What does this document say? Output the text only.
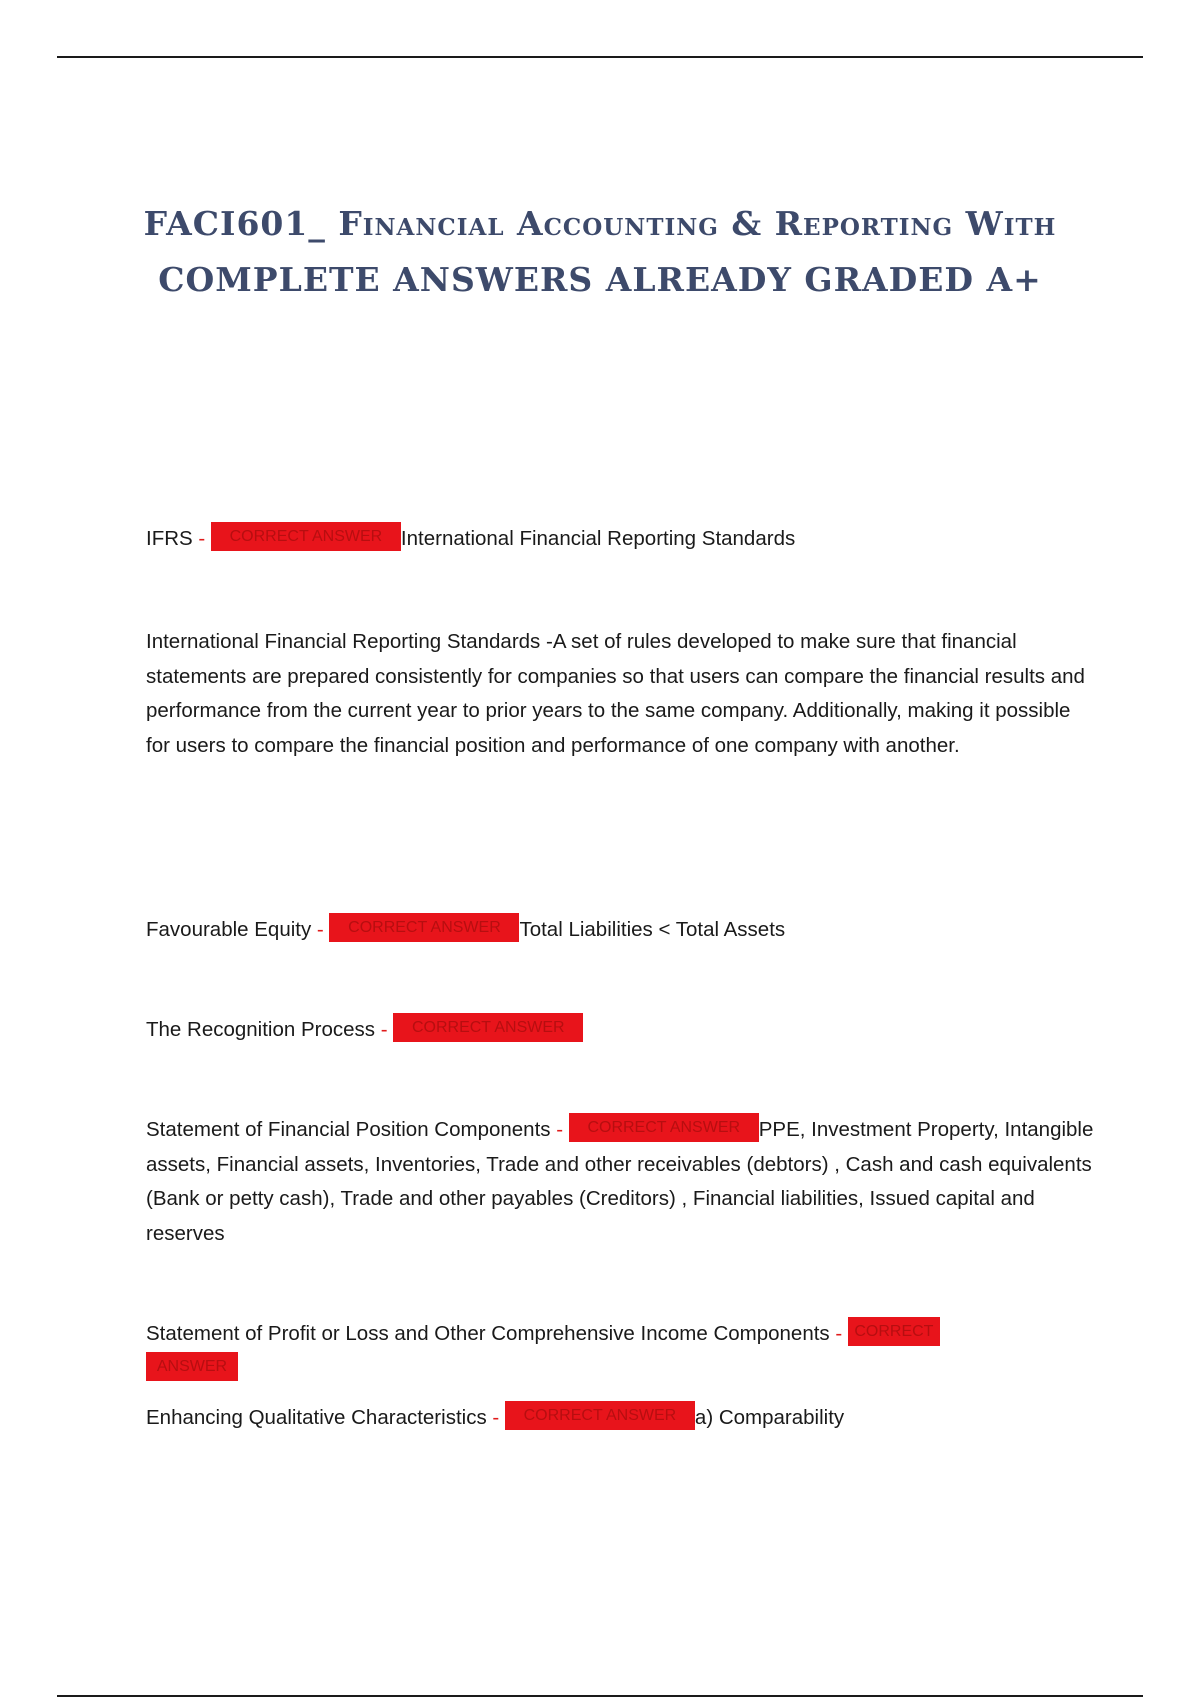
FACI601_ Financial Accounting & Reporting With
COMPLETE ANSWERS ALREADY GRADED A+
IFRS - CORRECT ANSWER International Financial Reporting Standards
International Financial Reporting Standards -A set of rules developed to make sure that financial statements are prepared consistently for companies so that users can compare the financial results and performance from the current year to prior years to the same company. Additionally, making it possible for users to compare the financial position and performance of one company with another.
Favourable Equity - CORRECT ANSWER Total Liabilities < Total Assets
The Recognition Process - CORRECT ANSWER
Statement of Financial Position Components - CORRECT ANSWER PPE, Investment Property, Intangible assets, Financial assets, Inventories, Trade and other receivables (debtors) , Cash and cash equivalents (Bank or petty cash), Trade and other payables (Creditors) , Financial liabilities, Issued capital and reserves
Statement of Profit or Loss and Other Comprehensive Income Components - CORRECT
ANSWER
Enhancing Qualitative Characteristics - CORRECT ANSWER a) Comparability
